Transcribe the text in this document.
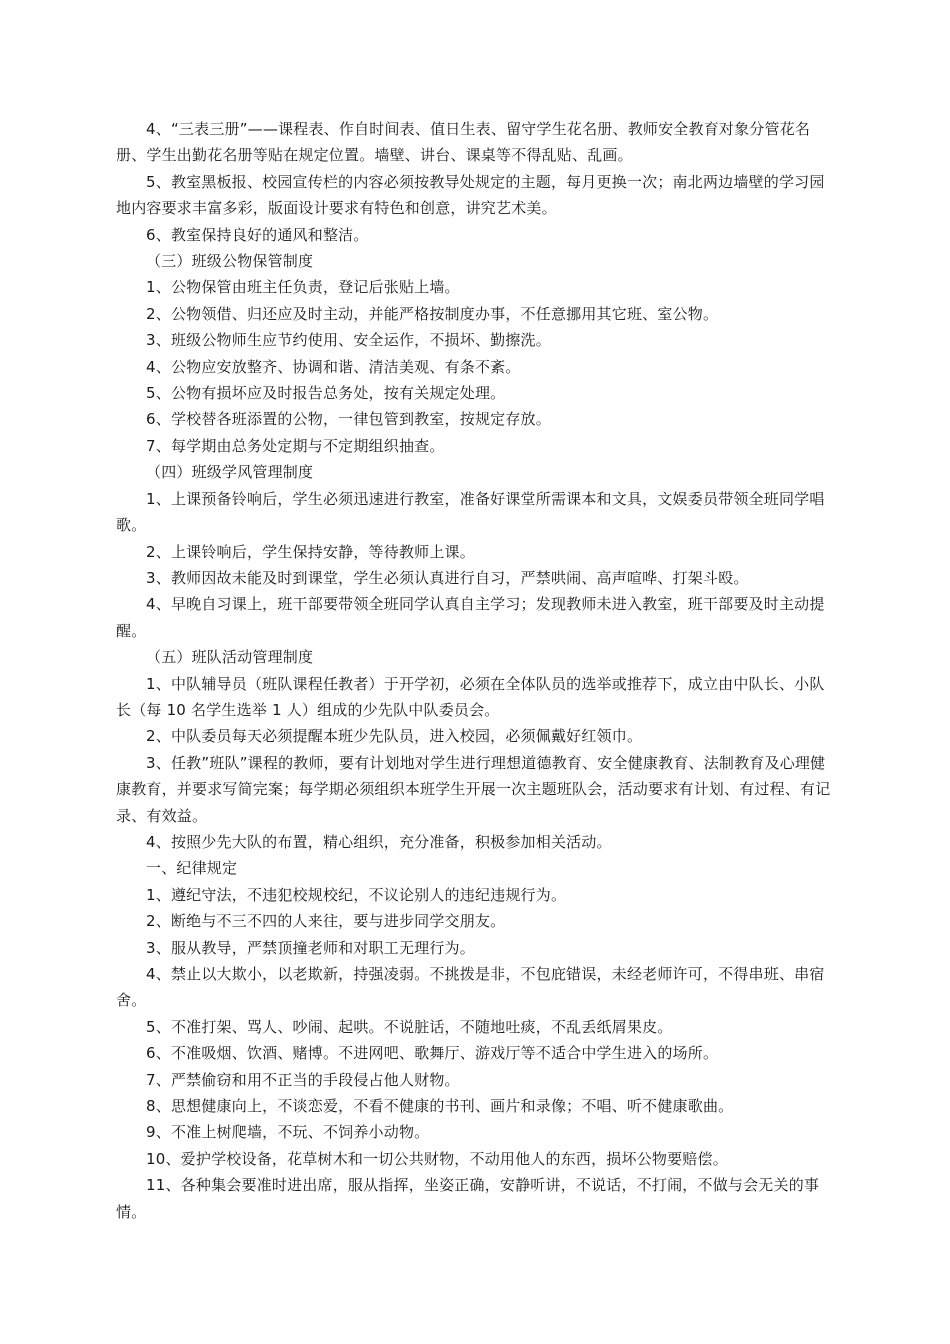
4、“三表三册”——课程表、作自时间表、值日生表、留守学生花名册、教师安全教育对象分管花名册、学生出勤花名册等贴在规定位置。墙壁、讲台、课桌等不得乱贴、乱画。

5、教室黑板报、校园宣传栏的内容必须按教导处规定的主题，每月更换一次；南北两边墙壁的学习园地内容要求丰富多彩，版面设计要求有特色和创意，讲究艺术美。

6、教室保持良好的通风和整洁。

（三）班级公物保管制度

1、公物保管由班主任负责，登记后张贴上墙。

2、公物领借、归还应及时主动，并能严格按制度办事，不任意挪用其它班、室公物。

3、班级公物师生应节约使用、安全运作，不损坏、勤擦洗。

4、公物应安放整齐、协调和谐、清洁美观、有条不紊。

5、公物有损坏应及时报告总务处，按有关规定处理。

6、学校替各班添置的公物，一律包管到教室，按规定存放。

7、每学期由总务处定期与不定期组织抽查。

（四）班级学风管理制度

1、上课预备铃响后，学生必须迅速进行教室，准备好课堂所需课本和文具，文娱委员带领全班同学唱歌。

2、上课铃响后，学生保持安静，等待教师上课。

3、教师因故未能及时到课堂，学生必须认真进行自习，严禁哄闹、高声喧哗、打架斗殴。

4、早晚自习课上，班干部要带领全班同学认真自主学习；发现教师未进入教室，班干部要及时主动提醒。

（五）班队活动管理制度

1、中队辅导员（班队课程任教者）于开学初，必须在全体队员的选举或推荐下，成立由中队长、小队长（每 10 名学生选举 1 人）组成的少先队中队委员会。

2、中队委员每天必须提醒本班少先队员，进入校园，必须佩戴好红领巾。

3、任教”班队”课程的教师，要有计划地对学生进行理想道德教育、安全健康教育、法制教育及心理健康教育，并要求写简完案；每学期必须组织本班学生开展一次主题班队会，活动要求有计划、有过程、有记录、有效益。

4、按照少先大队的布置，精心组织，充分准备，积极参加相关活动。

一、纪律规定

1、遵纪守法，不违犯校规校纪，不议论别人的违纪违规行为。

2、断绝与不三不四的人来往，要与进步同学交朋友。

3、服从教导，严禁顶撞老师和对职工无理行为。

4、禁止以大欺小，以老欺新，持强凌弱。不挑拨是非，不包庇错误，未经老师许可，不得串班、串宿舍。

5、不准打架、骂人、吵闹、起哄。不说脏话，不随地吐痰，不乱丢纸屑果皮。

6、不准吸烟、饮酒、赌博。不进网吧、歌舞厅、游戏厅等不适合中学生进入的场所。

7、严禁偷窃和用不正当的手段侵占他人财物。

8、思想健康向上，不谈恋爱，不看不健康的书刊、画片和录像；不唱、听不健康歌曲。

9、不准上树爬墙，不玩、不饲养小动物。

10、爱护学校设备，花草树木和一切公共财物，不动用他人的东西，损坏公物要赔偿。

11、各种集会要准时进出席，服从指挥，坐姿正确，安静听讲，不说话，不打闹，不做与会无关的事情。
